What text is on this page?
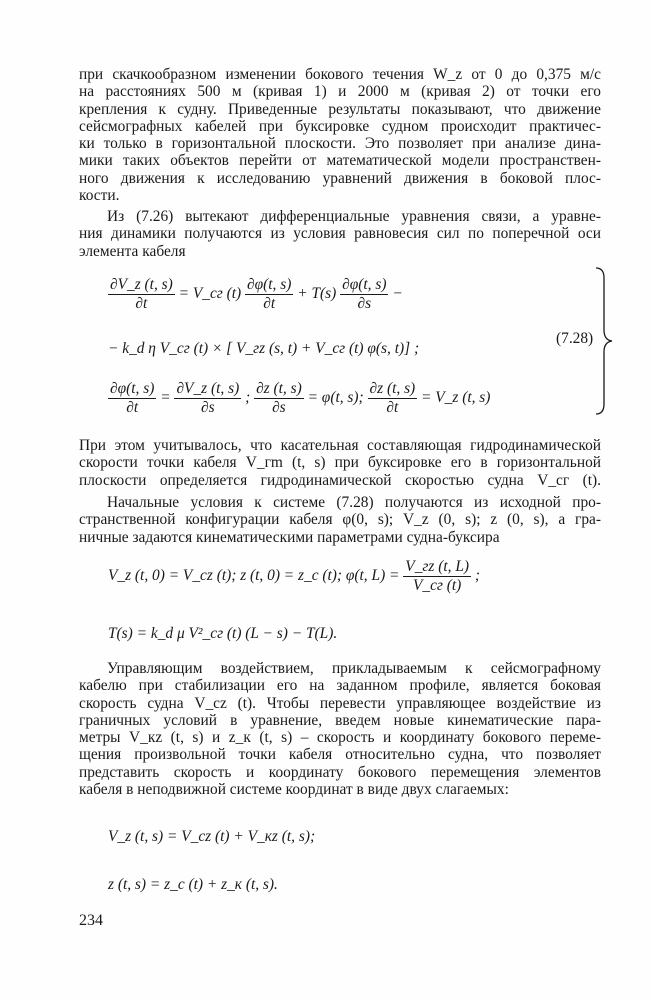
при скачкообразном изменении бокового течения W_z от 0 до 0,375 м/с
на расстояниях 500 м (кривая 1) и 2000 м (кривая 2) от точки его
крепления к судну. Приведенные результаты показывают, что движение
сейсмографных кабелей при буксировке судном происходит практичес-
ки только в горизонтальной плоскости. Это позволяет при анализе дина-
мики таких объектов перейти от математической модели пространствен-
ного движения к исследованию уравнений движения в боковой плос-
кости.
Из (7.26) вытекают дифференциальные уравнения связи, а уравне-
ния динамики получаются из условия равновесия сил по поперечной оси
элемента кабеля
$\frac{\partial V\_z (t, s)}{\partial t}$ = V_сг $(t) \frac{\partial\varphi(t, s)}{\partial t} + T(s) \frac{\partial\varphi(t, s)}{\partial s}$ −
− k_d η V_сг (t) × [ V_гz (s, t) + V_сг (t) φ(s, t)] ;
(7.28)
$\frac{\partial\varphi(t, s)}{\partial t} = \frac{\partial V\_z (t, s)}{\partial s}$ ; $\frac{\partial z (t, s)}{\partial s} = \varphi(t$, s); $\frac{\partial z (t, s)}{\partial t}$ = V_z (t, s)
При этом учитывалось, что касательная составляющая гидродинамической
скорости точки кабеля V_гm (t, s) при буксировке его в горизонтальной
плоскости определяется гидродинамической скоростью судна V_сг (t).
Начальные условия к системе (7.28) получаются из исходной про-
странственной конфигурации кабеля φ(0, s); V_z (0, s); z (0, s), а гра-
ничные задаются кинематическими параметрами судна-буксира
V_z (t, 0) = V_cz (t); z (t, 0) = z_c (t); φ(t, $L) = \frac{V\_гz (t, L)}{V\_сг (t)}$ ;
T(s) = k_d μ V²_сг (t) (L − s) − T(L).
Управляющим воздействием, прикладываемым к сейсмографному
кабелю при стабилизации его на заданном профиле, является боковая
скорость судна V_cz (t). Чтобы перевести управляющее воздействие из
граничных условий в уравнение, введем новые кинематические пара-
метры V_кz (t, s) и z_к (t, s) – скорость и координату бокового переме-
щения произвольной точки кабеля относительно судна, что позволяет
представить скорость и координату бокового перемещения элементов
кабеля в неподвижной системе координат в виде двух слагаемых:
V_z (t, s) = V_cz (t) + V_кz (t, s);
z (t, s) = z_c (t) + z_к (t, s).
234
